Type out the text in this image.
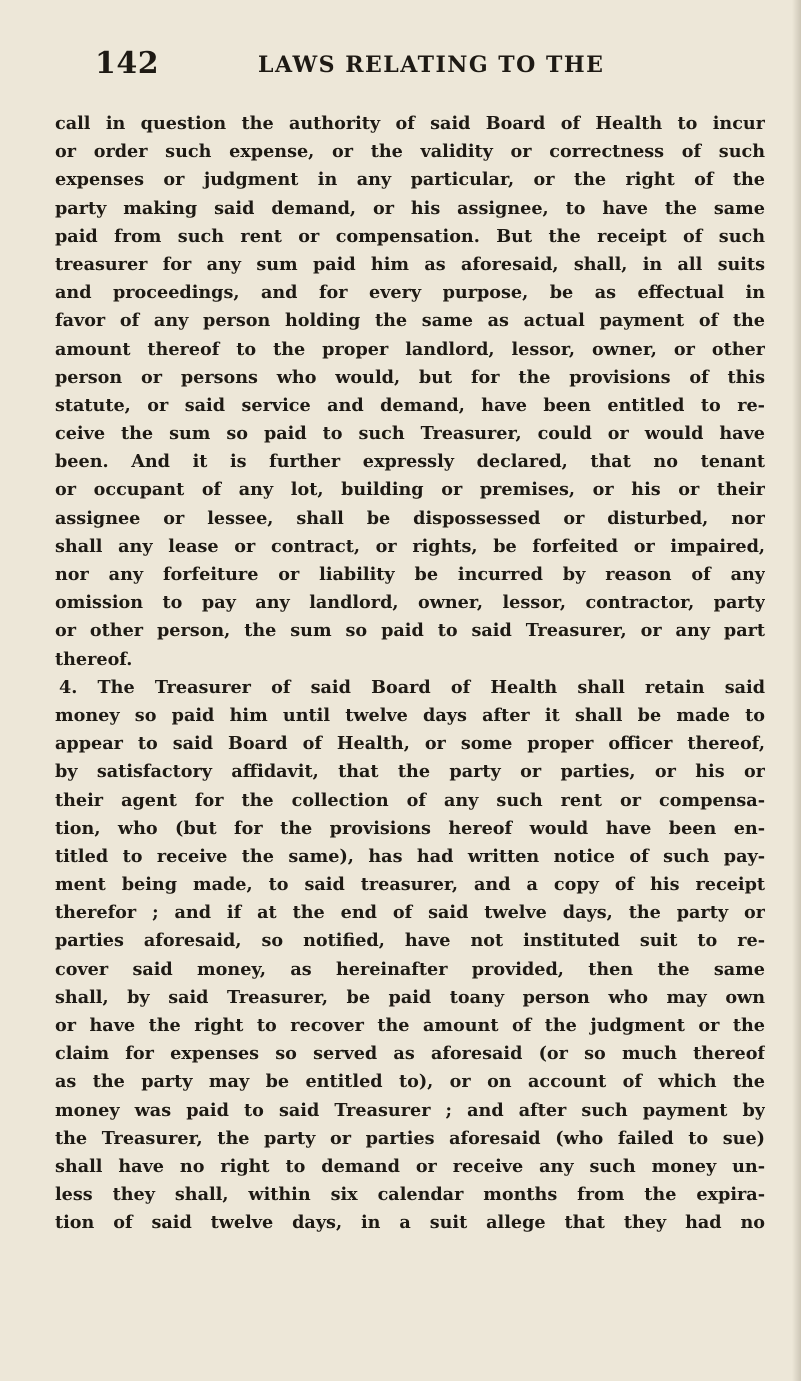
142	LAWS RELATING TO THE
call in question the authority of said Board of Health to incur
or order such expense, or the validity or correctness of such
expenses or judgment in any particular, or the right of the
party making said demand, or his assignee, to have the same
paid from such rent or compensation. But the receipt of such
treasurer for any sum paid him as aforesaid, shall, in all suits
and proceedings, and for every purpose, be as effectual in
favor of any person holding the same as actual payment of the
amount thereof to the proper landlord, lessor, owner, or other
person or persons who would, but for the provisions of this
statute, or said service and demand, have been entitled to re-
ceive the sum so paid to such Treasurer, could or would have
been. And it is further expressly declared, that no tenant
or occupant of any lot, building or premises, or his or their
assignee or lessee, shall be dispossessed or disturbed, nor
shall any lease or contract, or rights, be forfeited or impaired,
nor any forfeiture or liability be incurred by reason of any
omission to pay any landlord, owner, lessor, contractor, party
or other person, the sum so paid to said Treasurer, or any part
thereof.
4. The Treasurer of said Board of Health shall retain said
money so paid him until twelve days after it shall be made to
appear to said Board of Health, or some proper officer thereof,
by satisfactory affidavit, that the party or parties, or his or
their agent for the collection of any such rent or compensa-
tion, who (but for the provisions hereof would have been en-
titled to receive the same), has had written notice of such pay-
ment being made, to said treasurer, and a copy of his receipt
therefor ; and if at the end of said twelve days, the party or
parties aforesaid, so notified, have not instituted suit to re-
cover said money, as hereinafter provided, then the same
shall, by said Treasurer, be paid toany person who may own
or have the right to recover the amount of the judgment or the
claim for expenses so served as aforesaid (or so much thereof
as the party may be entitled to), or on account of which the
money was paid to said Treasurer ; and after such payment by
the Treasurer, the party or parties aforesaid (who failed to sue)
shall have no right to demand or receive any such money un-
less they shall, within six calendar months from the expira-
tion of said twelve days, in a suit allege that they had no
